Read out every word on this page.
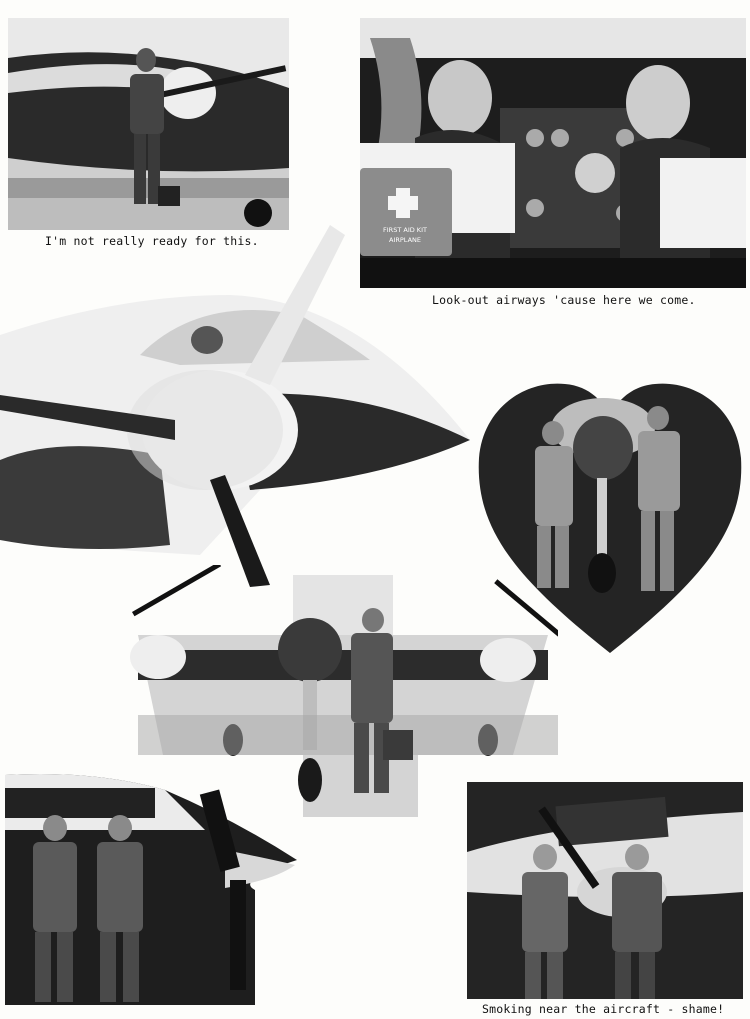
I'm not really ready for this.
FIRST AID KIT
AIRPLANE
Look-out airways 'cause here we come.
Smoking near the aircraft - shame!
